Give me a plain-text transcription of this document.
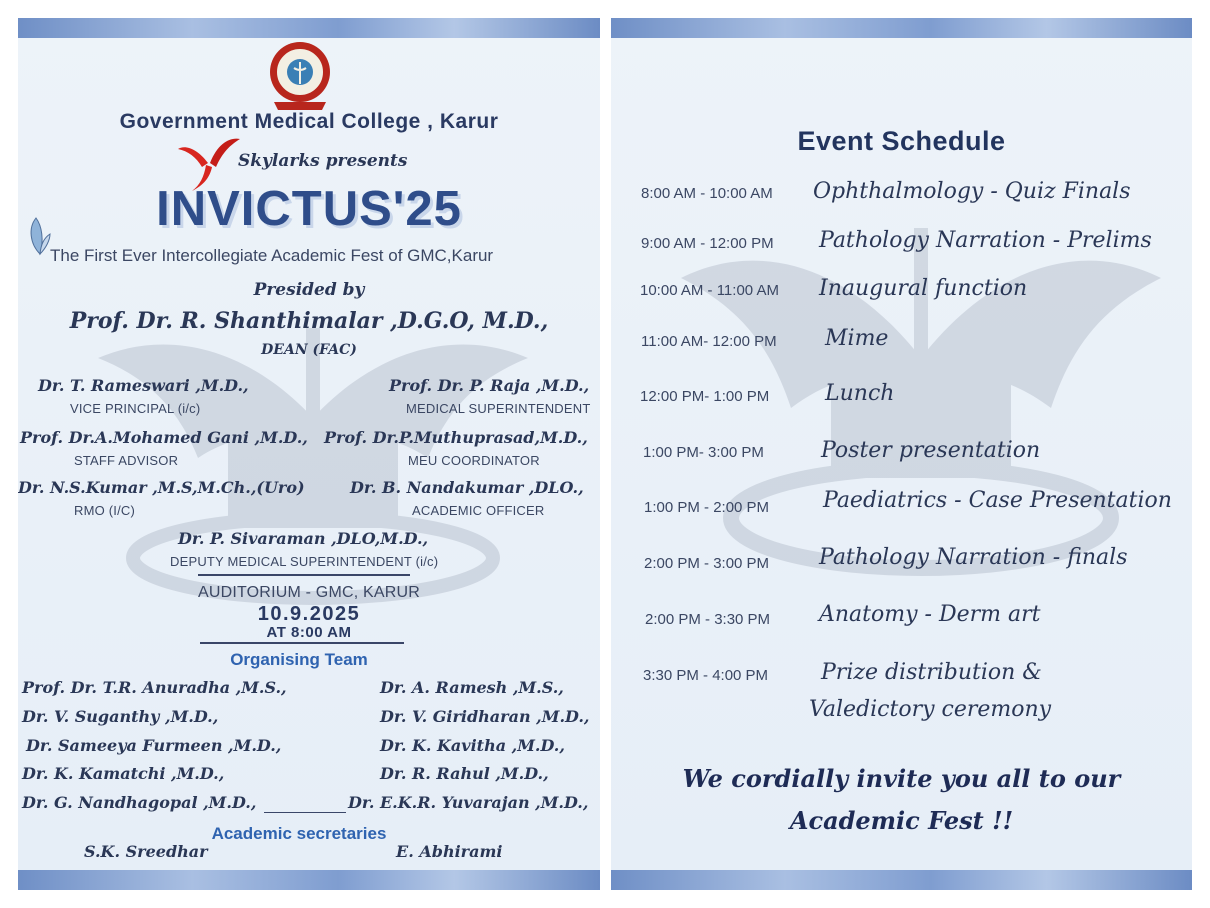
Government Medical College , Karur
Skylarks presents
INVICTUS'25
The First Ever Intercollegiate Academic Fest of GMC,Karur
Presided by
Prof. Dr. R. Shanthimalar ,D.G.O, M.D.,
DEAN (FAC)
Dr. T. Rameswari ,M.D.,
VICE PRINCIPAL (i/c)
Prof. Dr. P. Raja ,M.D.,
MEDICAL SUPERINTENDENT
Prof. Dr.A.Mohamed Gani ,M.D.,
STAFF ADVISOR
Prof. Dr.P.Muthuprasad,M.D.,
MEU COORDINATOR
Dr. N.S.Kumar ,M.S,M.Ch.,(Uro)
RMO (I/C)
Dr. B. Nandakumar ,DLO.,
ACADEMIC OFFICER
Dr. P. Sivaraman ,DLO,M.D.,
DEPUTY MEDICAL SUPERINTENDENT (i/c)
AUDITORIUM - GMC, KARUR
10.9.2025
AT 8:00 AM
Organising Team
Prof. Dr. T.R. Anuradha ,M.S.,	Dr. A. Ramesh ,M.S.,
Dr. V. Suganthy ,M.D.,	Dr. V. Giridharan ,M.D.,
Dr. Sameeya Furmeen ,M.D.,	Dr. K. Kavitha ,M.D.,
Dr. K. Kamatchi ,M.D.,	Dr. R. Rahul ,M.D.,
Dr. G. Nandhagopal ,M.D.,	Dr. E.K.R. Yuvarajan ,M.D.,
Academic secretaries
S.K. Sreedhar	E. Abhirami
Event Schedule
8:00 AM - 10:00 AM Ophthalmology - Quiz Finals
9:00 AM - 12:00 PM Pathology Narration - Prelims
10:00 AM - 11:00 AM Inaugural function
11:00 AM- 12:00 PM Mime
12:00 PM- 1:00 PM	Lunch
1:00 PM- 3:00 PM	Poster presentation
1:00 PM - 2:00 PM Paediatrics - Case Presentation
2:00 PM - 3:00 PM Pathology Narration - finals
2:00 PM - 3:30 PM Anatomy - Derm art
3:30 PM - 4:00 PM Prize distribution &
Valedictory ceremony
We cordially invite you all to our
Academic Fest !!
